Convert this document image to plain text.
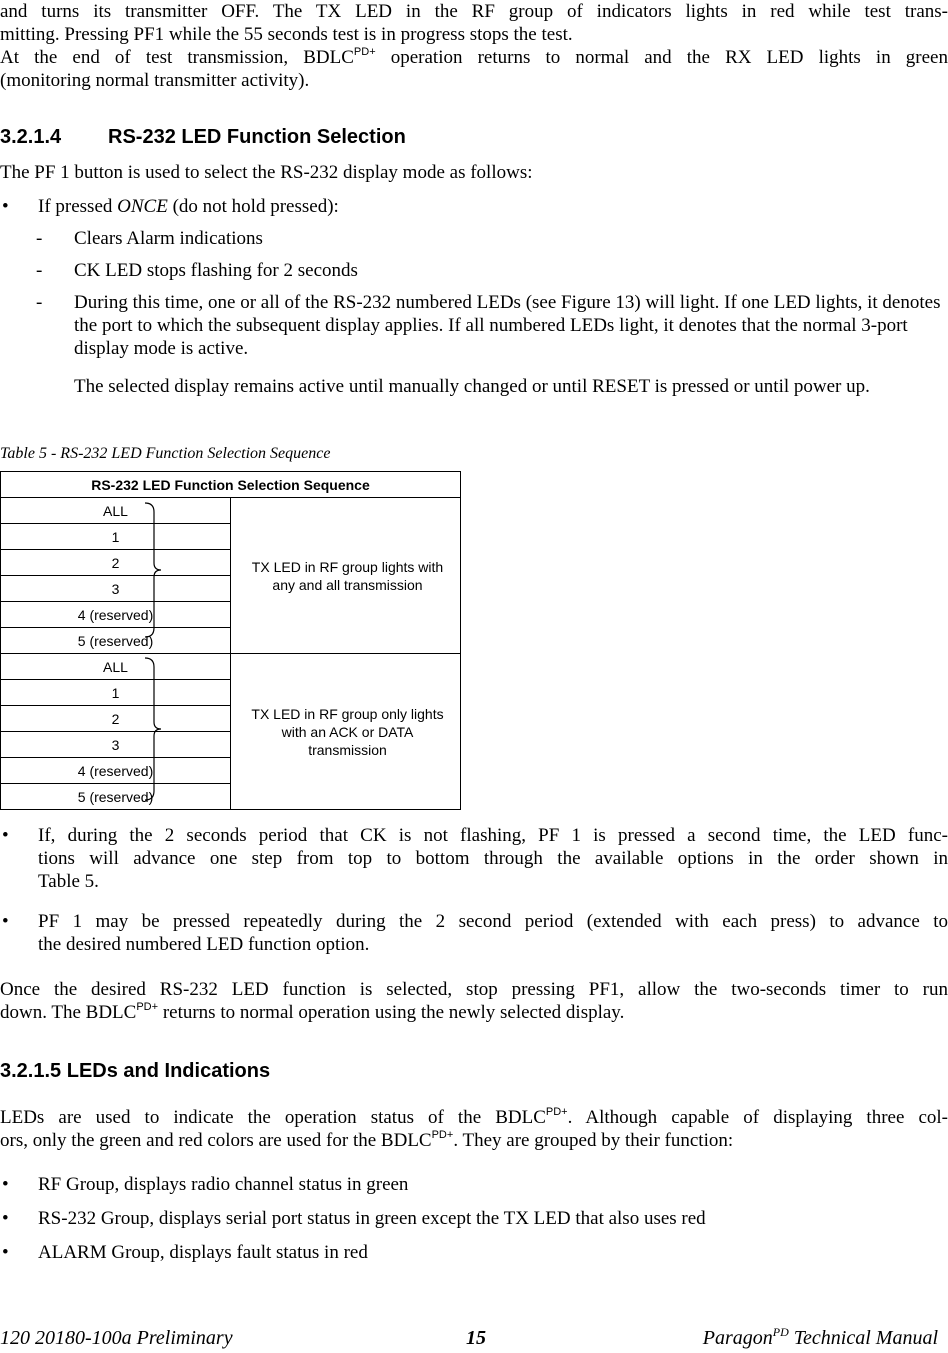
and turns its transmitter OFF. The TX LED in the RF group of indicators lights in red while test trans-
mitting. Pressing PF1 while the 55 seconds test is in progress stops the test.
At the end of test transmission, $BDLC^{PD+}$ operation returns to normal and the RX LED lights in green
(monitoring normal transmitter activity).
3.2.1.4 RS-232 LED Function Selection
The PF 1 button is used to select the RS-232 display mode as follows:
• If pressed ONCE (do not hold pressed):
- Clears Alarm indications
- CK LED stops flashing for 2 seconds
- During this time, one or all of the RS-232 numbered LEDs (see Figure 13) will light. If one LED lights, it denotes the port to which the subsequent display applies. If all numbered LEDs light, it denotes that the normal 3-port display mode is active.
The selected display remains active until manually changed or until RESET is pressed or until power up.
Table 5 - RS-232 LED Function Selection Sequence
RS-232 LED Function Selection Sequence	
ALL	TX LED in RF group lights with any and all transmission
1	
2	
3	
4 (reserved)	
5 (reserved)	
ALL	TX LED in RF group only lights with an ACK or DATA transmission
1	
2	
3	
4 (reserved)	
5 (reserved)	
• If, during the 2 seconds period that CK is not flashing, PF 1 is pressed a second time, the LED func-
tions will advance one step from top to bottom through the available options in the order shown in
Table 5.
• PF 1 may be pressed repeatedly during the 2 second period (extended with each press) to advance to
the desired numbered LED function option.
Once the desired RS-232 LED function is selected, stop pressing PF1, allow the two-seconds timer to run
down. The $BDLC^{PD+}$ returns to normal operation using the newly selected display.
3.2.1.5 LEDs and Indications
LEDs are used to indicate the operation status of the $BDLC^{PD+}$. Although capable of displaying three col-
ors, only the green and red colors are used for the $BDLC^{PD+}$. They are grouped by their function:
• RF Group, displays radio channel status in green
• RS-232 Group, displays serial port status in green except the TX LED that also uses red
• ALARM Group, displays fault status in red
120 20180-100a Preliminary	15	Paragon$^{PD}$ Technical Manual
